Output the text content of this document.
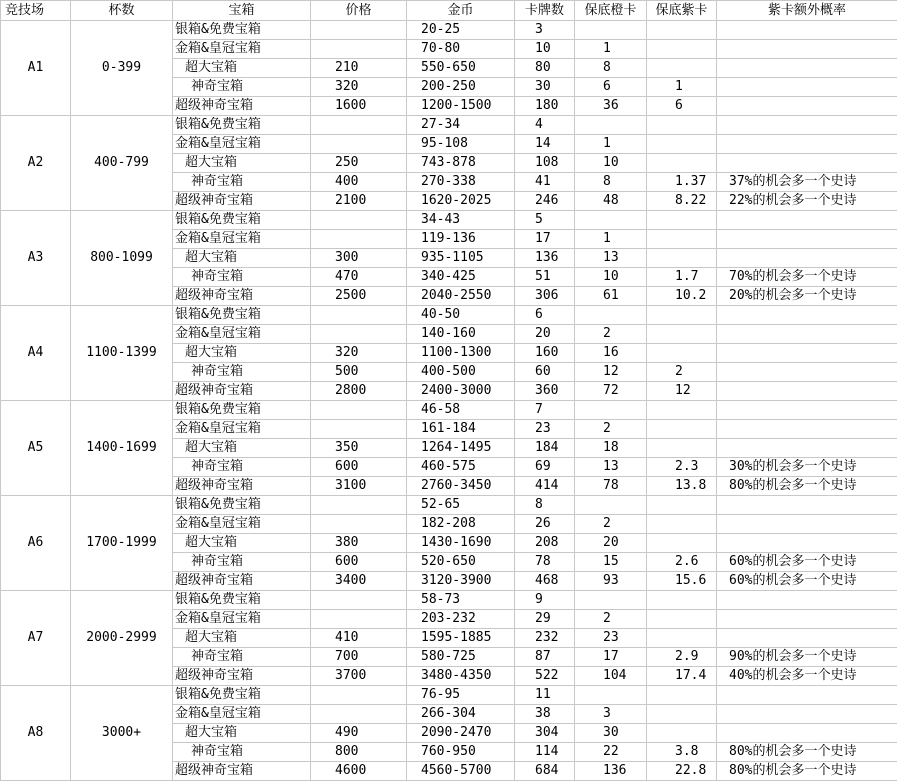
竞技场	杯数	宝箱	价格	金币	卡牌数	保底橙卡	保底紫卡	紫卡额外概率
A1	0-399	银箱&免费宝箱		20-25	3			
		金箱&皇冠宝箱		70-80	10	1		
		超大宝箱	210	550-650	80	8		
		神奇宝箱	320	200-250	30	6	1	
		超级神奇宝箱	1600	1200-1500	180	36	6	
A2	400-799	银箱&免费宝箱		27-34	4			
		金箱&皇冠宝箱		95-108	14	1		
		超大宝箱	250	743-878	108	10		
		神奇宝箱	400	270-338	41	8	1.37	37%的机会多一个史诗
		超级神奇宝箱	2100	1620-2025	246	48	8.22	22%的机会多一个史诗
A3	800-1099	银箱&免费宝箱		34-43	5			
		金箱&皇冠宝箱		119-136	17	1		
		超大宝箱	300	935-1105	136	13		
		神奇宝箱	470	340-425	51	10	1.7	70%的机会多一个史诗
		超级神奇宝箱	2500	2040-2550	306	61	10.2	20%的机会多一个史诗
A4	1100-1399	银箱&免费宝箱		40-50	6			
		金箱&皇冠宝箱		140-160	20	2		
		超大宝箱	320	1100-1300	160	16		
		神奇宝箱	500	400-500	60	12	2	
		超级神奇宝箱	2800	2400-3000	360	72	12	
A5	1400-1699	银箱&免费宝箱		46-58	7			
		金箱&皇冠宝箱		161-184	23	2		
		超大宝箱	350	1264-1495	184	18		
		神奇宝箱	600	460-575	69	13	2.3	30%的机会多一个史诗
		超级神奇宝箱	3100	2760-3450	414	78	13.8	80%的机会多一个史诗
A6	1700-1999	银箱&免费宝箱		52-65	8			
		金箱&皇冠宝箱		182-208	26	2		
		超大宝箱	380	1430-1690	208	20		
		神奇宝箱	600	520-650	78	15	2.6	60%的机会多一个史诗
		超级神奇宝箱	3400	3120-3900	468	93	15.6	60%的机会多一个史诗
A7	2000-2999	银箱&免费宝箱		58-73	9			
		金箱&皇冠宝箱		203-232	29	2		
		超大宝箱	410	1595-1885	232	23		
		神奇宝箱	700	580-725	87	17	2.9	90%的机会多一个史诗
		超级神奇宝箱	3700	3480-4350	522	104	17.4	40%的机会多一个史诗
A8	3000+	银箱&免费宝箱		76-95	11			
		金箱&皇冠宝箱		266-304	38	3		
		超大宝箱	490	2090-2470	304	30		
		神奇宝箱	800	760-950	114	22	3.8	80%的机会多一个史诗
		超级神奇宝箱	4600	4560-5700	684	136	22.8	80%的机会多一个史诗
